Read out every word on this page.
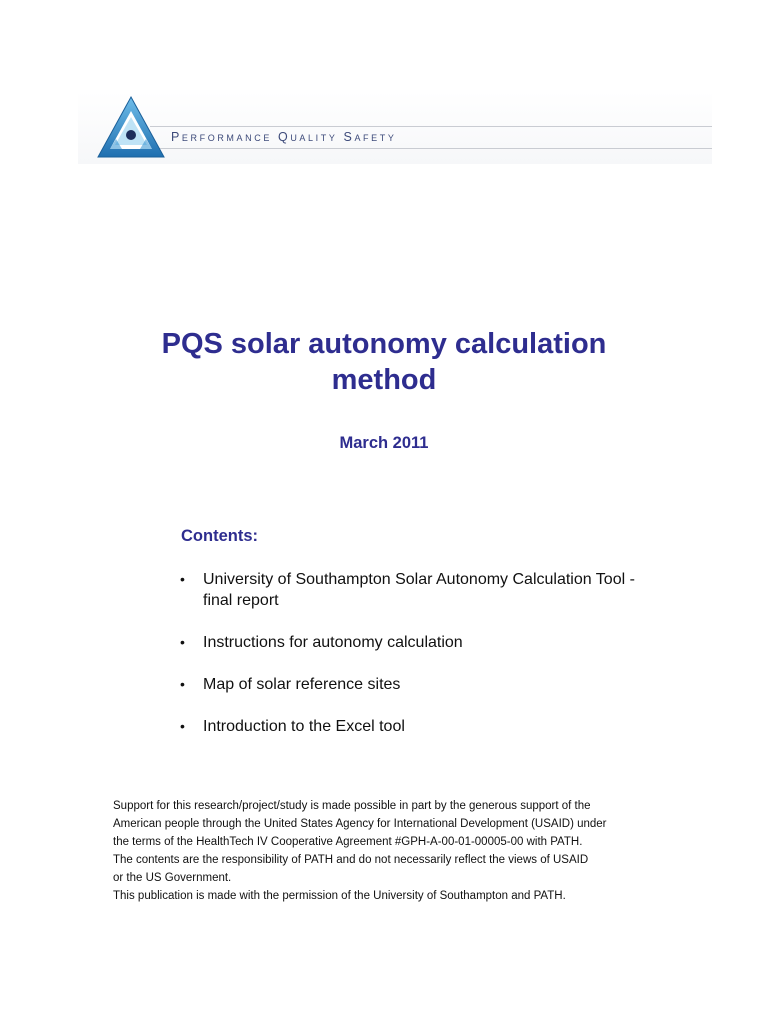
Performance Quality Safety
PQS solar autonomy calculation method
March 2011
Contents:
•	University of Southampton Solar Autonomy Calculation Tool - final report
•	Instructions for autonomy calculation
•	Map of solar reference sites
•	Introduction to the Excel tool

Support for this research/project/study is made possible in part by the generous support of the

American people through the United States Agency for International Development (USAID) under

the terms of the HealthTech IV Cooperative Agreement #GPH-A-00-01-00005-00 with PATH.

The contents are the responsibility of PATH and do not necessarily reflect the views of USAID

or the US Government.

This publication is made with the permission of the University of Southampton and PATH.
